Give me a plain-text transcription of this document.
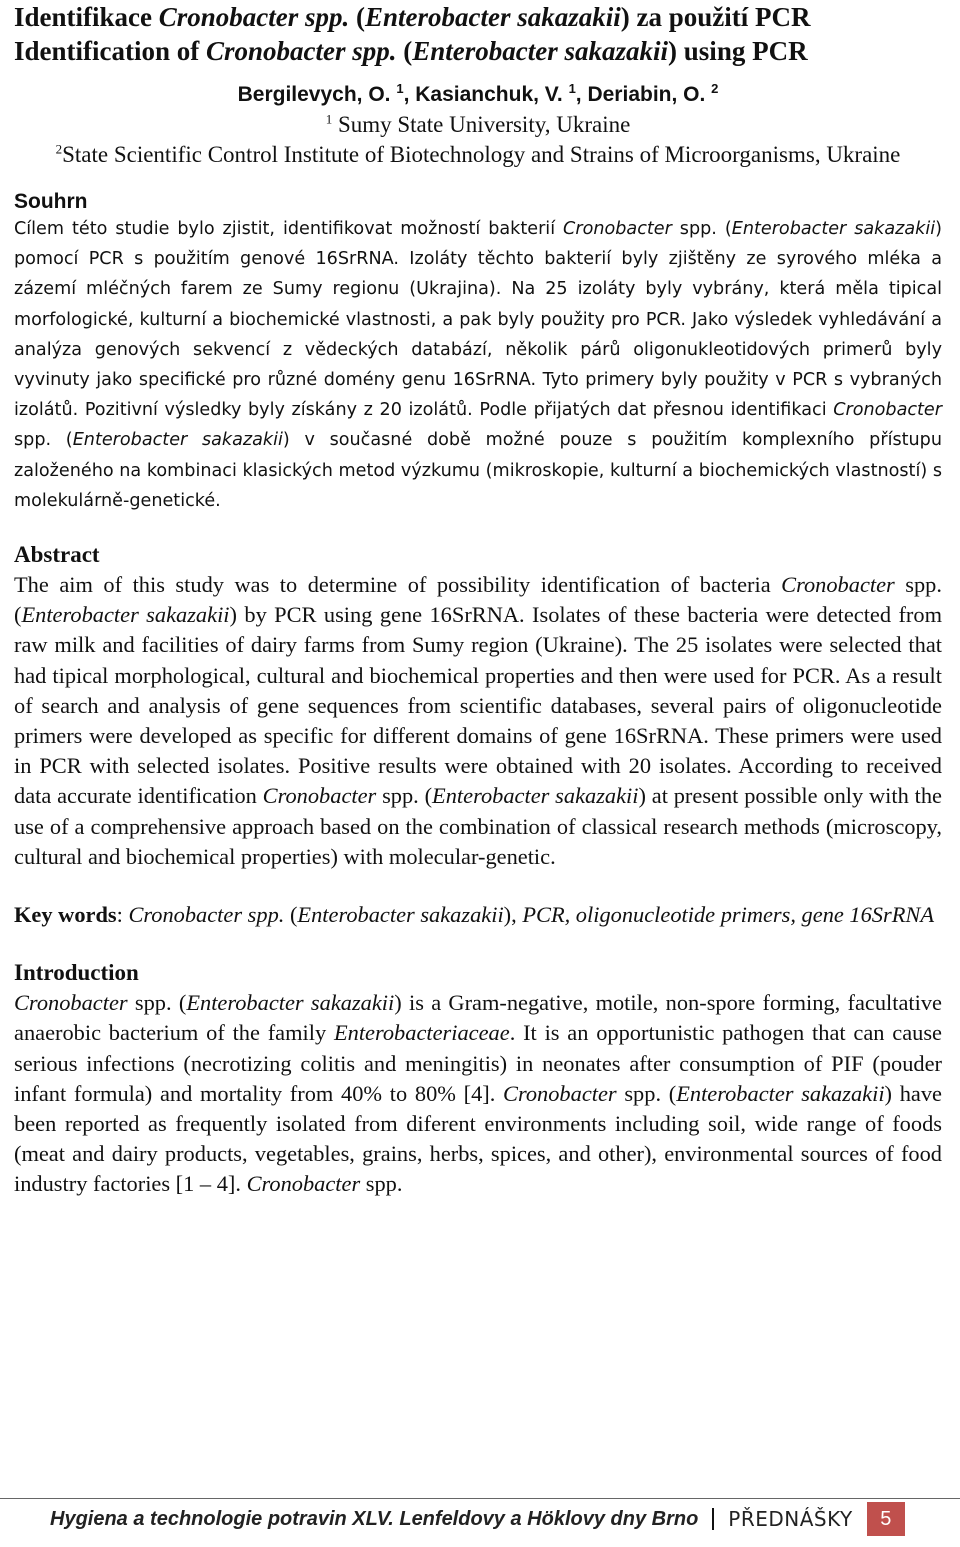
Identifikace Cronobacter spp. (Enterobacter sakazakii) za použití PCR
Identification of Cronobacter spp. (Enterobacter sakazakii) using PCR
Bergilevych, O. $^1$, Kasianchuk, V. $^1$, Deriabin, O. $^2$
$^1$ Sumy State University, Ukraine
$^2$State Scientific Control Institute of Biotechnology and Strains of Microorganisms, Ukraine
Souhrn
Cílem této studie bylo zjistit, identifikovat možností bakterií Cronobacter spp. (Enterobacter sakazakii) pomocí PCR s použitím genové 16SrRNA. Izoláty těchto bakterií byly zjištěny ze syrového mléka a zázemí mléčných farem ze Sumy regionu (Ukrajina). Na 25 izoláty byly vybrány, která měla tipical morfologické, kulturní a biochemické vlastnosti, a pak byly použity pro PCR. Jako výsledek vyhledávání a analýza genových sekvencí z vědeckých databází, několik párů oligonukleotidových primerů byly vyvinuty jako specifické pro různé domény genu 16SrRNA. Tyto primery byly použity v PCR s vybraných izolátů. Pozitivní výsledky byly získány z 20 izolátů. Podle přijatých dat přesnou identifikaci Cronobacter spp. (Enterobacter sakazakii) v současné době možné pouze s použitím komplexního přístupu založeného na kombinaci klasických metod výzkumu (mikroskopie, kulturní a biochemických vlastností) s molekulárně-genetické.
Abstract
The aim of this study was to determine of possibility identification of bacteria Cronobacter spp. (Enterobacter sakazakii) by PCR using gene 16SrRNA. Isolates of these bacteria were detected from raw milk and facilities of dairy farms from Sumy region (Ukraine). The 25 isolates were selected that had tipical morphological, cultural and biochemical properties and then were used for PCR. As a result of search and analysis of gene sequences from scientific databases, several pairs of oligonucleotide primers were developed as specific for different domains of gene 16SrRNA. These primers were used in PCR with selected isolates. Positive results were obtained with 20 isolates. According to received data accurate identification Cronobacter spp. (Enterobacter sakazakii) at present possible only with the use of a comprehensive approach based on the combination of classical research methods (microscopy, cultural and biochemical properties) with molecular-genetic.
Key words: Cronobacter spp. (Enterobacter sakazakii), PCR, oligonucleotide primers, gene 16SrRNA
Introduction
Cronobacter spp. (Enterobacter sakazakii) is a Gram-negative, motile, non-spore forming, facultative anaerobic bacterium of the family Enterobacteriaceae. It is an opportunistic pathogen that can cause serious infections (necrotizing colitis and meningitis) in neonates after consumption of PIF (pouder infant formula) and mortality from 40% to 80% [4]. Cronobacter spp. (Enterobacter sakazakii) have been reported as frequently isolated from diferent environments including soil, wide range of foods (meat and dairy products, vegetables, grains, herbs, spices, and other), environmental sources of food industry factories [1 – 4]. Cronobacter spp.
Hygiena a technologie potravin XLV. Lenfeldovy a Höklovy dny Brno PŘEDNÁŠKY	5
